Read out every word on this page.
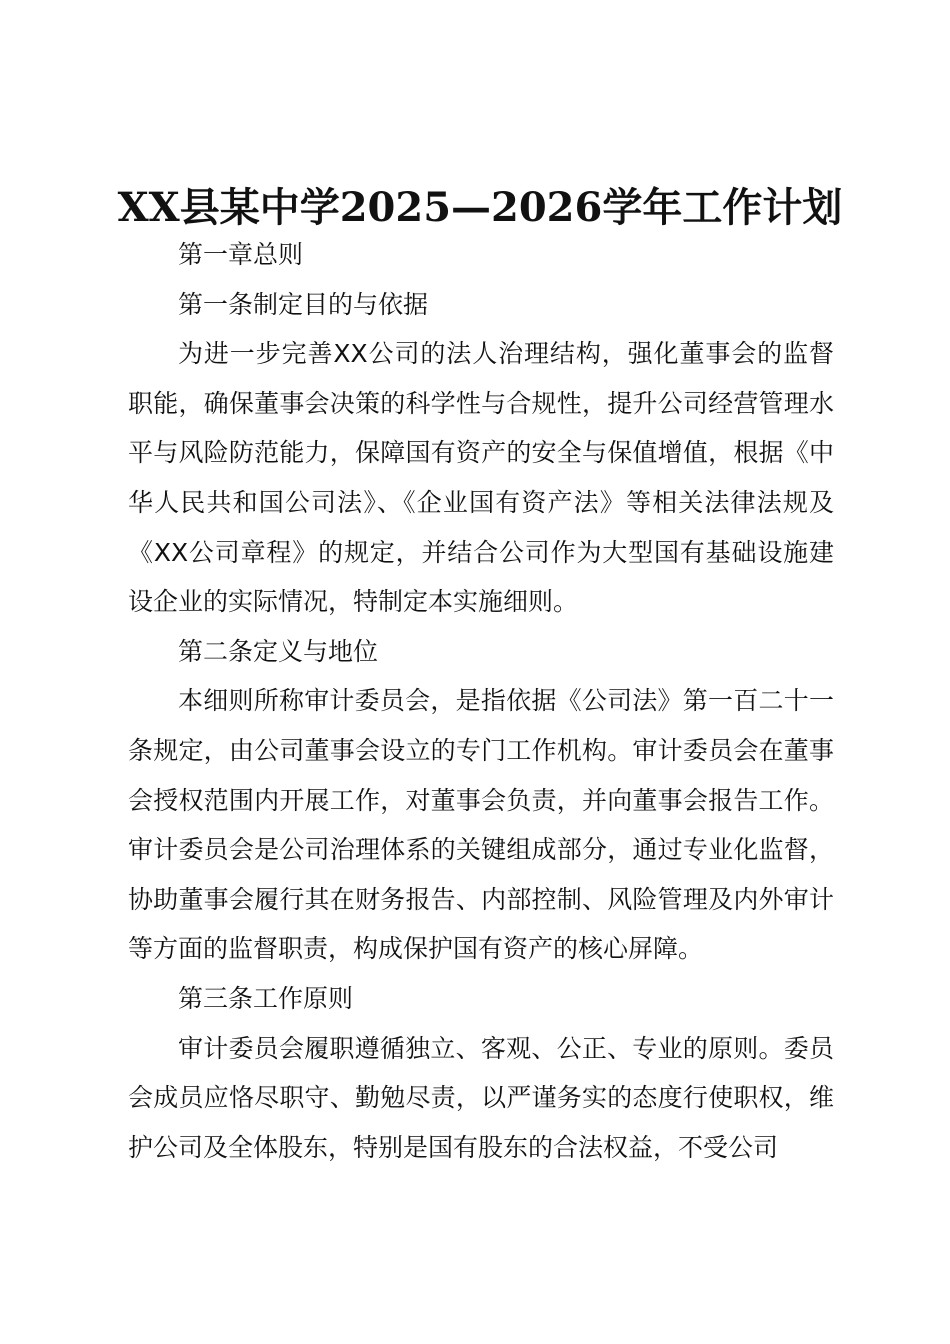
XX县某中学2025—2026学年工作计划

第一章总则

第一条制定目的与依据

为进一步完善XX公司的法人治理结构，强化董事会的监督职能，确保董事会决策的科学性与合规性，提升公司经营管理水平与风险防范能力，保障国有资产的安全与保值增值，根据《中华人民共和国公司法》、《企业国有资产法》等相关法律法规及《XX公司章程》的规定，并结合公司作为大型国有基础设施建设企业的实际情况，特制定本实施细则。

第二条定义与地位

本细则所称审计委员会，是指依据《公司法》第一百二十一条规定，由公司董事会设立的专门工作机构。审计委员会在董事会授权范围内开展工作，对董事会负责，并向董事会报告工作。审计委员会是公司治理体系的关键组成部分，通过专业化监督，协助董事会履行其在财务报告、内部控制、风险管理及内外审计等方面的监督职责，构成保护国有资产的核心屏障。

第三条工作原则

审计委员会履职遵循独立、客观、公正、专业的原则。委员会成员应恪尽职守、勤勉尽责，以严谨务实的态度行使职权，维护公司及全体股东，特别是国有股东的合法权益，不受公司
